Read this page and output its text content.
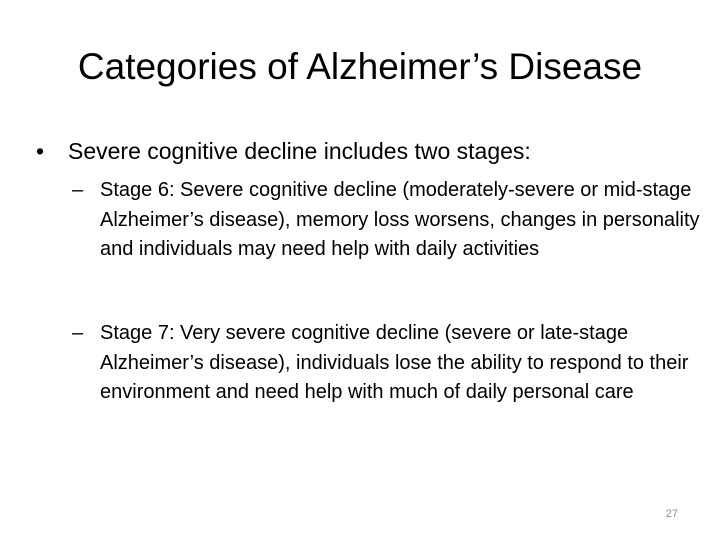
Categories of Alzheimer’s Disease
• Severe cognitive decline includes two stages:
– Stage 6: Severe cognitive decline (moderately-severe or mid-stage Alzheimer’s disease), memory loss worsens, changes in personality and individuals may need help with daily activities

– Stage 7: Very severe cognitive decline (severe or late-stage Alzheimer’s disease), individuals lose the ability to respond to their environment and need help with much of daily personal care

27
